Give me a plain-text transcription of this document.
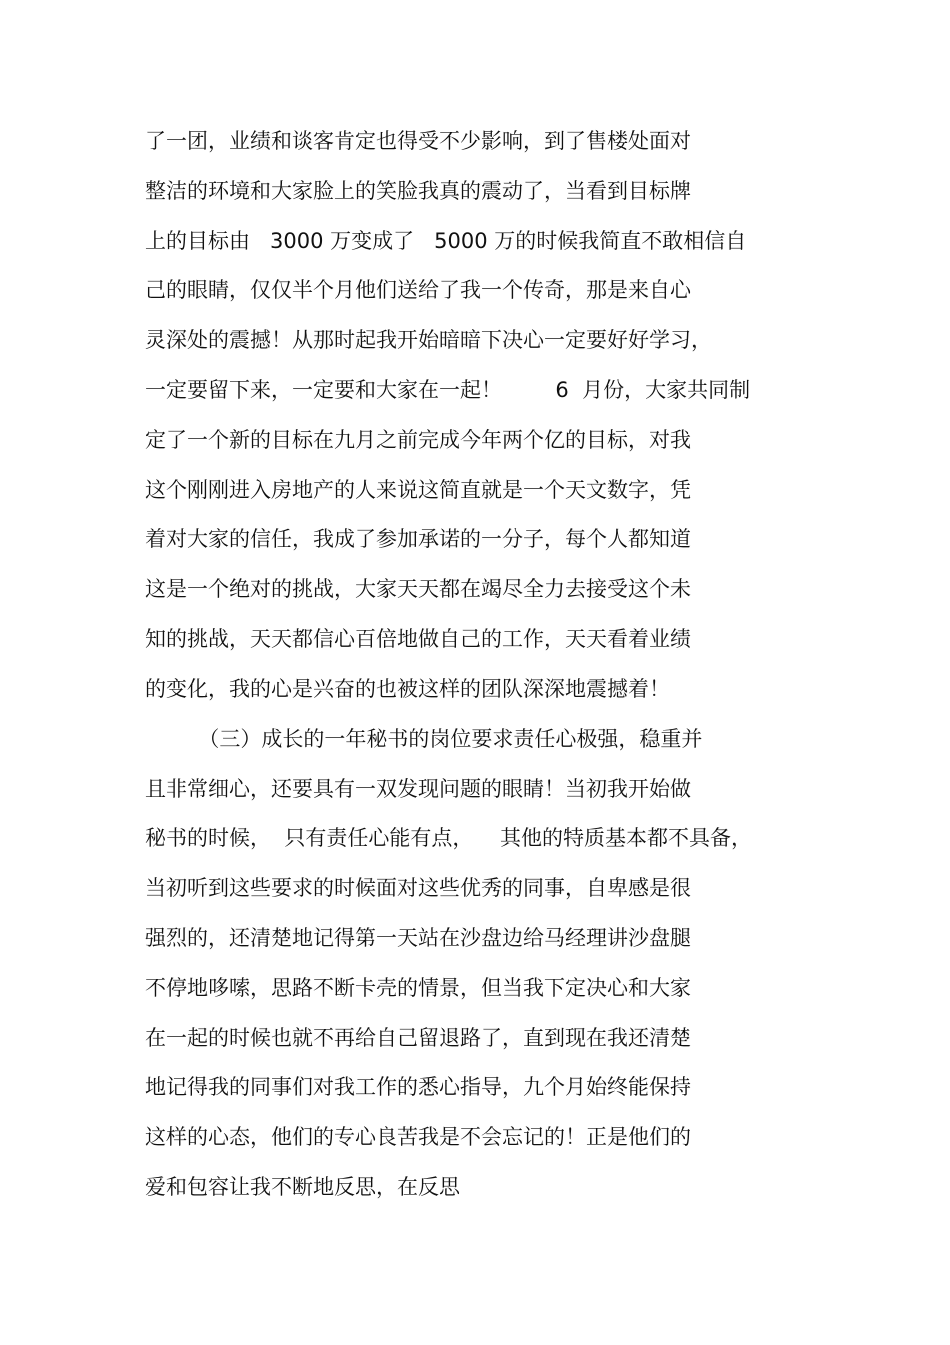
了一团，业绩和谈客肯定也得受不少影响，到了售楼处面对
整洁的环境和大家脸上的笑脸我真的震动了，当看到目标牌
上的目标由   3000 万变成了   5000 万的时候我简直不敢相信自
己的眼睛，仅仅半个月他们送给了我一个传奇，那是来自心
灵深处的震撼！从那时起我开始暗暗下决心一定要好好学习，
一定要留下来，一定要和大家在一起！        6  月份，大家共同制
定了一个新的目标在九月之前完成今年两个亿的目标，对我
这个刚刚进入房地产的人来说这简直就是一个天文数字，凭
着对大家的信任，我成了参加承诺的一分子，每个人都知道
这是一个绝对的挑战，大家天天都在竭尽全力去接受这个未
知的挑战，天天都信心百倍地做自己的工作，天天看着业绩
的变化，我的心是兴奋的也被这样的团队深深地震撼着！
（三）成长的一年秘书的岗位要求责任心极强，稳重并
且非常细心，还要具有一双发现问题的眼睛！当初我开始做
秘书的时候，  只有责任心能有点，    其他的特质基本都不具备，
当初听到这些要求的时候面对这些优秀的同事，自卑感是很
强烈的，还清楚地记得第一天站在沙盘边给马经理讲沙盘腿
不停地哆嗦，思路不断卡壳的情景，但当我下定决心和大家
在一起的时候也就不再给自己留退路了，直到现在我还清楚
地记得我的同事们对我工作的悉心指导，九个月始终能保持
这样的心态，他们的专心良苦我是不会忘记的！正是他们的
爱和包容让我不断地反思，在反思
